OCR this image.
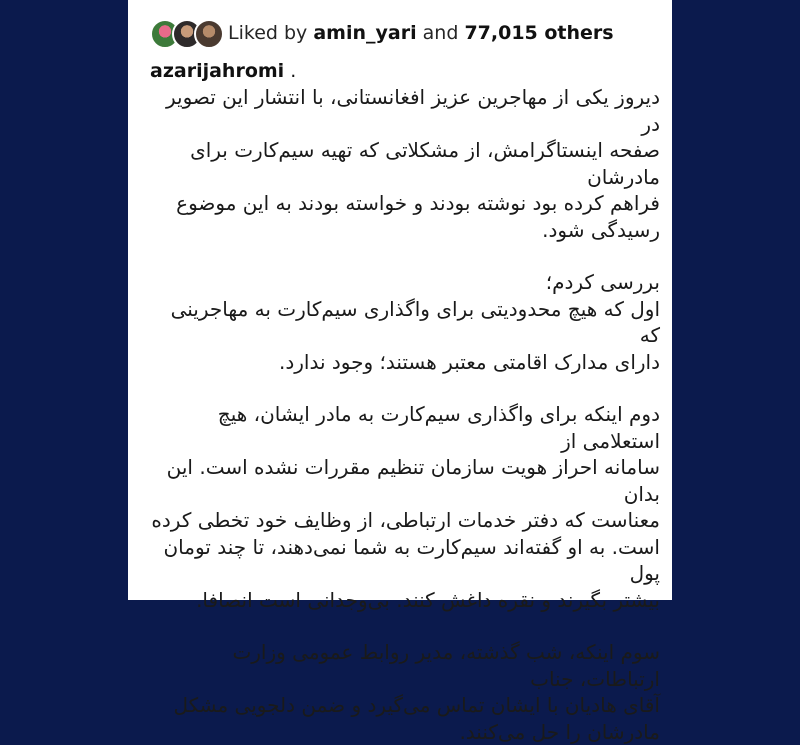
Liked by amin_yari and 77,015 others
azarijahromi .

دیروز یکی از مهاجرین عزیز افغانستانی، با انتشار این تصویر در

صفحه اینستاگرامش، از مشکلاتی که تهیه سیم‌کارت برای مادرشان

فراهم کرده بود نوشته بودند و خواسته بودند به این موضوع

رسیدگی شود.

بررسی کردم؛

اول که هیچ محدودیتی برای واگذاری سیم‌کارت به مهاجرینی که

دارای مدارک اقامتی معتبر هستند؛ وجود ندارد.

دوم اینکه برای واگذاری سیم‌کارت به مادر ایشان، هیچ استعلامی از

سامانه احراز هویت سازمان تنظیم مقررات نشده است. این بدان

معناست که دفتر خدمات ارتباطی، از وظایف خود تخطی کرده

است. به او گفته‌اند سیم‌کارت به شما نمی‌دهند، تا چند تومان پول

بیشتر بگیرند و نقره داغش کنند. بی‌وجدانی است انصافا.

سوم اینکه، شب گذشته، مدیر روابط عمومی وزارت ارتباطات، جناب

آقای هادیان با ایشان تماس می‌گیرد و ضمن دلجویی مشکل

مادرشان را حل می‌کنند.
